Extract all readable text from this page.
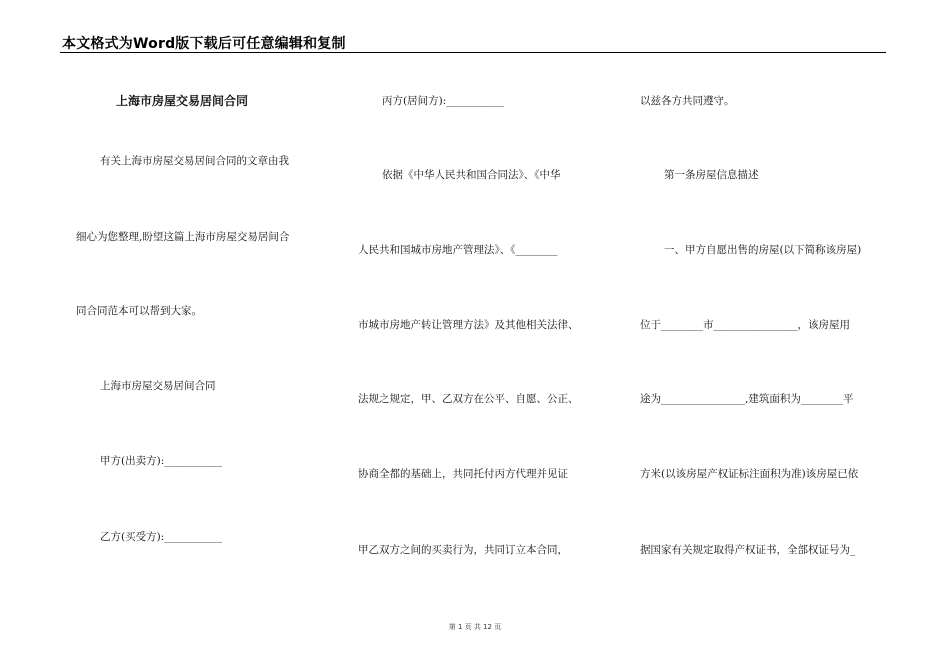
本文格式为Word版下载后可任意编辑和复制
上海市房屋交易居间合同
有关上海市房屋交易居间合同的文章由我
细心为您整理,盼望这篇上海市房屋交易居间合
同合同范本可以帮到大家。
上海市房屋交易居间合同
甲方(出卖方):___________
乙方(买受方):___________
丙方(居间方):___________
依据《中华人民共和国合同法》、《中华
人民共和国城市房地产管理法》、《________
市城市房地产转让管理方法》及其他相关法律、
法规之规定，甲、乙双方在公平、自愿、公正、
协商全都的基础上，共同托付丙方代理并见证
甲乙双方之间的买卖行为，共同订立本合同，
以兹各方共同遵守。
第一条房屋信息描述
一、甲方自愿出售的房屋(以下简称该房屋)
位于________市________________，该房屋用
途为________________,建筑面积为________平
方米(以该房屋产权证标注面积为准)该房屋已依
据国家有关规定取得产权证书，全部权证号为_
第 1 页 共 12 页
